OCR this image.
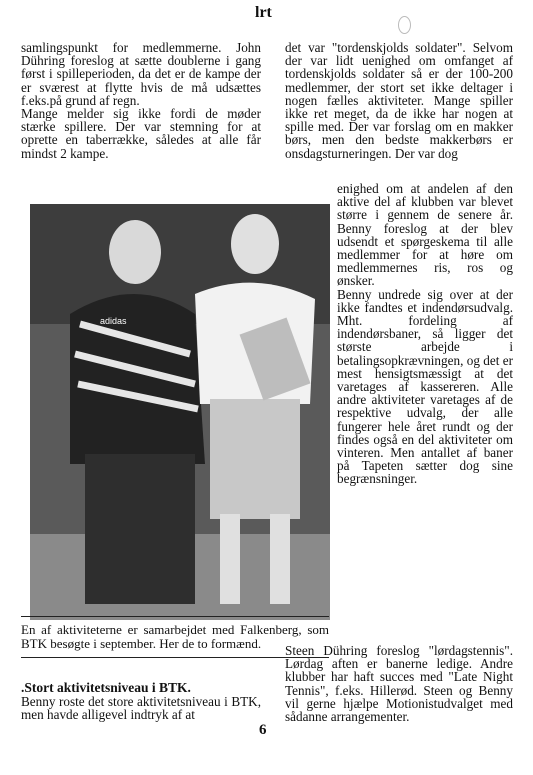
lrt

samlingspunkt for medlemmerne. John Dühring foreslog at sætte doublerne i gang først i spilleperioden, da det er de kampe der er sværest at flytte hvis de må udsættes f.eks.på grund af regn.

Mange melder sig ikke fordi de møder stærke spillere. Der var stemning for at oprette en taberrække, således at alle får mindst 2 kampe.

det var "tordenskjolds soldater". Selvom der var lidt uenighed om omfanget af tordenskjolds soldater så er der 100-200 medlemmer, der stort set ikke deltager i nogen fælles aktiviteter. Mange spiller ikke ret meget, da de ikke har nogen at spille med. Der var forslag om en makker børs, men den bedste makkerbørs er onsdagsturneringen. Der var dog

adidas

enighed om at andelen af den aktive del af klubben var blevet større i gennem de senere år. Benny foreslog at der blev udsendt et spørgeskema til alle medlemmer for at høre om medlemmernes ris, ros og ønsker.

Benny undrede sig over at der ikke fandtes et indendørsudvalg. Mht. fordeling af indendørsbaner, så ligger det største arbejde i betalingsopkrævningen, og det er mest hensigtsmæssigt at det varetages af kassereren. Alle andre aktiviteter varetages af de respektive udvalg, der alle fungerer hele året rundt og der findes også en del aktiviteter om vinteren. Men antallet af baner på Tapeten sætter dog sine begrænsninger.

En af aktiviteterne er samarbejdet med Falkenberg, som BTK besøgte i september. Her de to formænd.	Steen Dühring foreslog "lørdagstennis". Lørdag aften er banerne ledige. Andre klubber har haft succes med "Late Night Tennis", f.eks. Hillerød. Steen og Benny vil gerne hjælpe Motionistudvalget med sådanne arrangementer.

.Stort aktivitetsniveau i BTK.

Benny roste det store aktivitetsniveau i BTK, men havde alligevel indtryk af at

6
